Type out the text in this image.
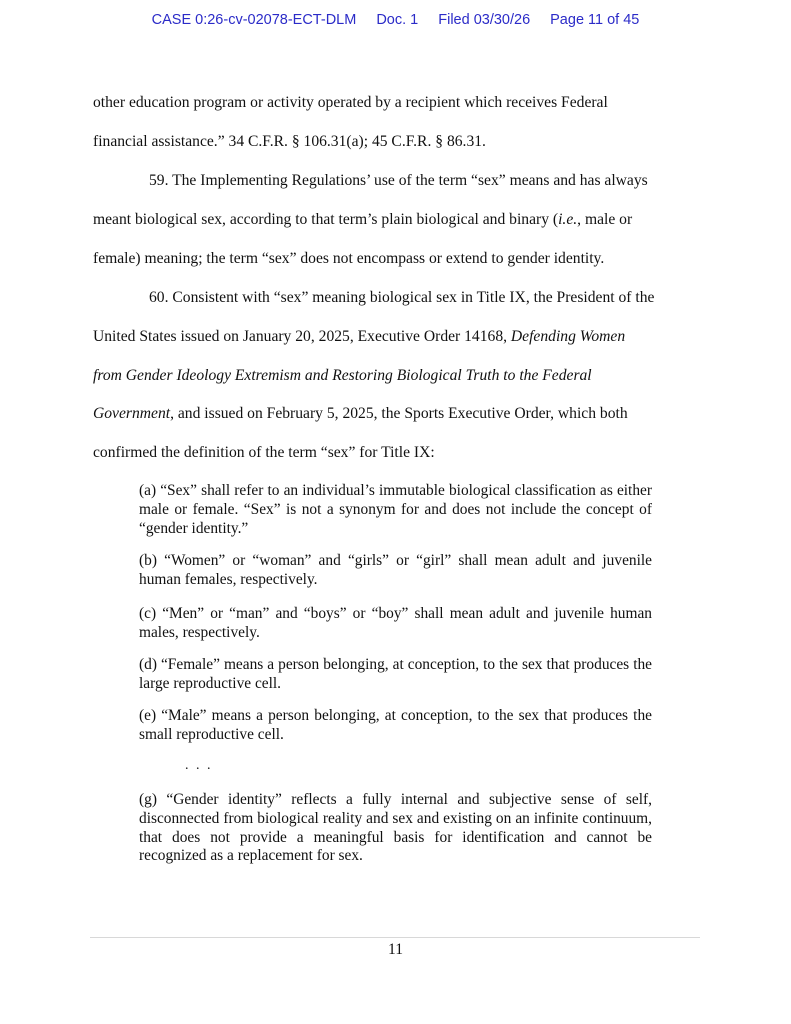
CASE 0:26-cv-02078-ECT-DLM Doc. 1 Filed 03/30/26 Page 11 of 45
other education program or activity operated by a recipient which receives Federal
financial assistance.” 34 C.F.R. § 106.31(a); 45 C.F.R. § 86.31.
59. The Implementing Regulations’ use of the term “sex” means and has always
meant biological sex, according to that term’s plain biological and binary (i.e., male or
female) meaning; the term “sex” does not encompass or extend to gender identity.
60. Consistent with “sex” meaning biological sex in Title IX, the President of the
United States issued on January 20, 2025, Executive Order 14168, Defending Women
from Gender Ideology Extremism and Restoring Biological Truth to the Federal
Government, and issued on February 5, 2025, the Sports Executive Order, which both
confirmed the definition of the term “sex” for Title IX:

(a) “Sex” shall refer to an individual’s immutable biological classification as either male or female. “Sex” is not a synonym for and does not include the concept of “gender identity.”

(b) “Women” or “woman” and “girls” or “girl” shall mean adult and juvenile human females, respectively.

(c) “Men” or “man” and “boys” or “boy” shall mean adult and juvenile human males, respectively.

(d) “Female” means a person belonging, at conception, to the sex that produces the large reproductive cell.

(e) “Male” means a person belonging, at conception, to the sex that produces the small reproductive cell.

. . .

(g) “Gender identity” reflects a fully internal and subjective sense of self, disconnected from biological reality and sex and existing on an infinite continuum, that does not provide a meaningful basis for identification and cannot be recognized as a replacement for sex.

11
